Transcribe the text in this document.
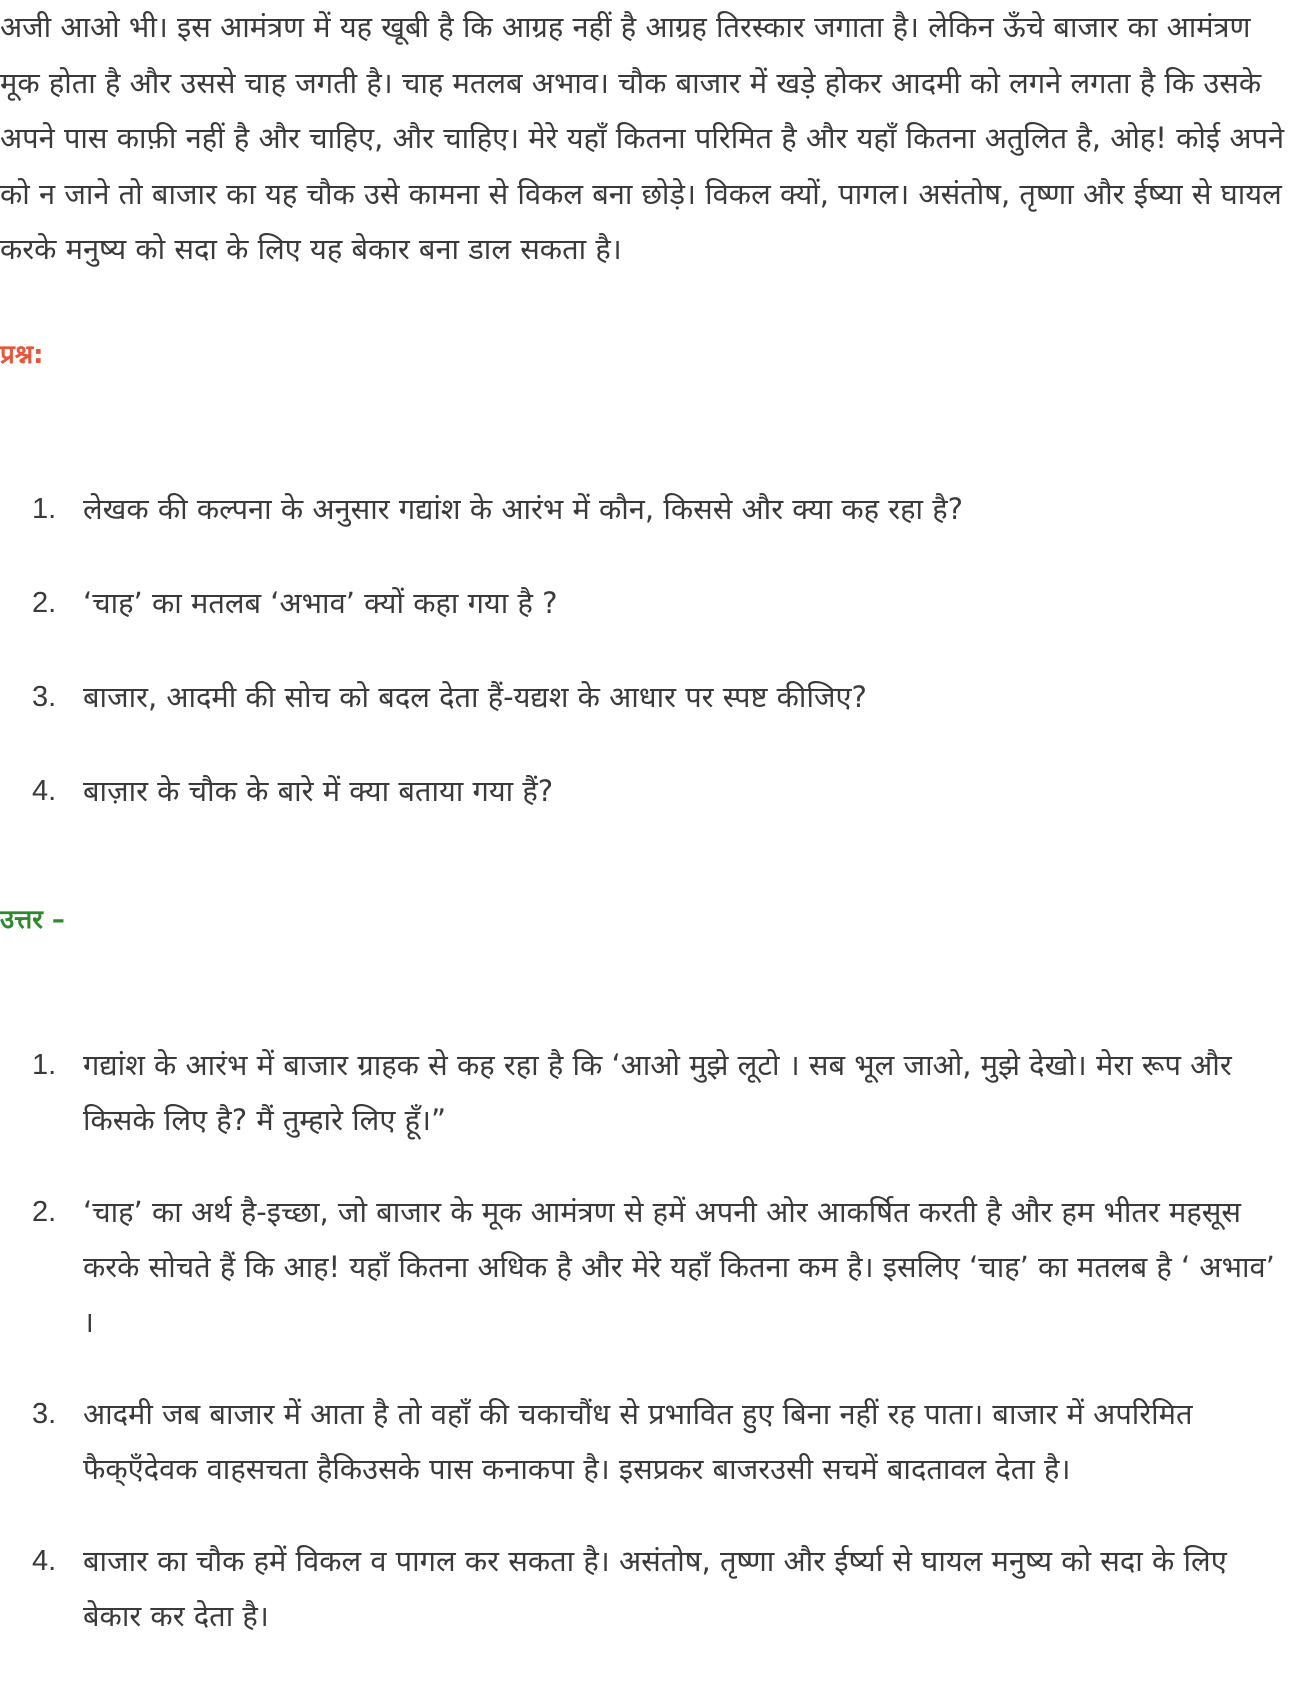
अजी आओ भी। इस आमंत्रण में यह खूबी है कि आग्रह नहीं है आग्रह तिरस्कार जगाता है। लेकिन ऊँचे बाजार का आमंत्रण मूक होता है और उससे चाह जगती है। चाह मतलब अभाव। चौक बाजार में खड़े होकर आदमी को लगने लगता है कि उसके अपने पास काफ़ी नहीं है और चाहिए, और चाहिए। मेरे यहाँ कितना परिमित है और यहाँ कितना अतुलित है, ओह! कोई अपने को न जाने तो बाजार का यह चौक उसे कामना से विकल बना छोड़े। विकल क्यों, पागल। असंतोष, तृष्णा और ईष्या से घायल करके मनुष्य को सदा के लिए यह बेकार बना डाल सकता है।

प्रश्न:

1. लेखक की कल्पना के अनुसार गद्यांश के आरंभ में कौन, किससे और क्या कह रहा है?
2. ‘चाह’ का मतलब ‘अभाव’ क्यों कहा गया है ?
3. बाजार, आदमी की सोच को बदल देता हैं-यद्यश के आधार पर स्पष्ट कीजिए?
4. बाज़ार के चौक के बारे में क्या बताया गया हैं?

उत्तर –

1. गद्यांश के आरंभ में बाजार ग्राहक से कह रहा है कि ‘आओ मुझे लूटो । सब भूल जाओ, मुझे देखो। मेरा रूप और किसके लिए है? मैं तुम्हारे लिए हूँ।”
2. ‘चाह’ का अर्थ है-इच्छा, जो बाजार के मूक आमंत्रण से हमें अपनी ओर आकर्षित करती है और हम भीतर महसूस करके सोचते हैं कि आह! यहाँ कितना अधिक है और मेरे यहाँ कितना कम है। इसलिए ‘चाह’ का मतलब है ‘ अभाव’ ।
3. आदमी जब बाजार में आता है तो वहाँ की चकाचौंध से प्रभावित हुए बिना नहीं रह पाता। बाजार में अपरिमित फैक्एँदेवक वाहसचता हैकिउसके पास कनाकपा है। इसप्रकर बाजरउसी सचमें बादतावल देता है।
4. बाजार का चौक हमें विकल व पागल कर सकता है। असंतोष, तृष्णा और ईर्ष्या से घायल मनुष्य को सदा के लिए बेकार कर देता है।
